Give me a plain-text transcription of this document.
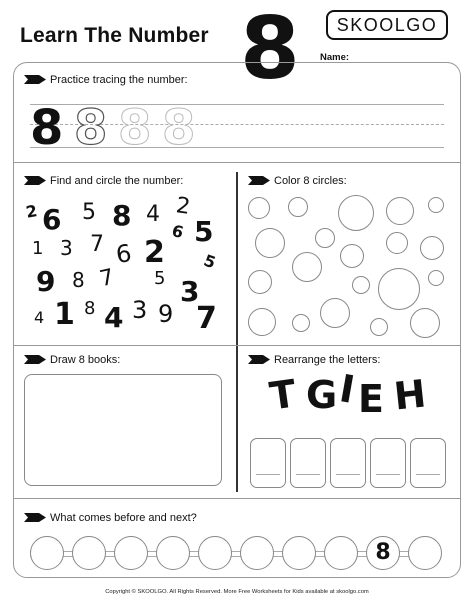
Learn The Number 8	SKOOLGO
Name:
Practice tracing the number:
8 8 8 8
Find and circle the number:
2 6 5 8 4 2
6 5
1 3 7 6 2 5
9 8 7 5
4 1 8 4 3 9 7
3
Color 8 circles:
Draw 8 books:	Rearrange the letters:
T G I E H
What comes before and next?
8
Copyright © SKOOLGO. All Rights Reserved. More Free Worksheets for Kids available at skoolgo.com
